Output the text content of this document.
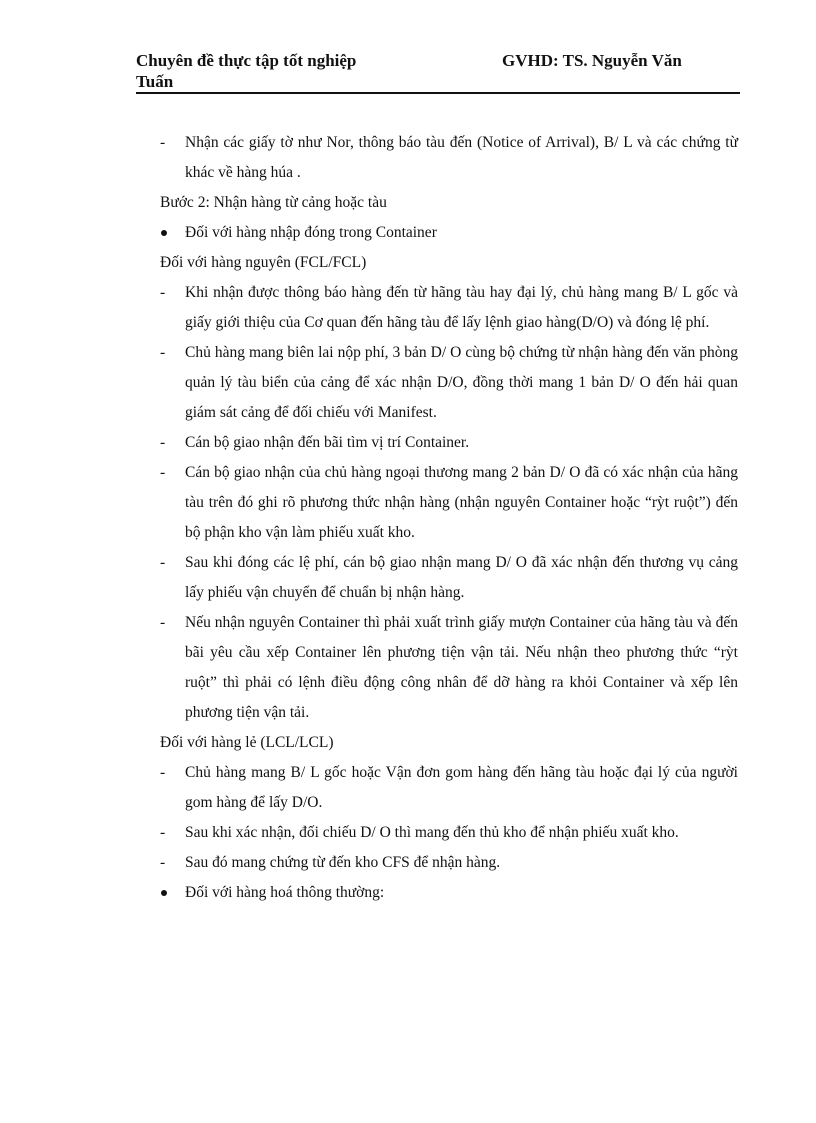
Chuyên đề thực tập tốt nghiệp	GVHD: TS. Nguyễn Văn
Tuấn
-	Nhận các giấy tờ như Nor, thông báo tàu đến (Notice of Arrival), B/ L và các chứng từ khác về hàng húa .

Bước 2: Nhận hàng từ cảng hoặc tàu

Đối với hàng nhập đóng trong Container

Đối với hàng nguyên (FCL/FCL)

-	Khi nhận được thông báo hàng đến từ hãng tàu hay đại lý, chủ hàng mang B/ L gốc và giấy giới thiệu của Cơ quan đến hãng tàu để lấy lệnh giao hàng(D/O) và đóng lệ phí.
-	Chủ hàng mang biên lai nộp phí, 3 bản D/ O cùng bộ chứng từ nhận hàng đến văn phòng quản lý tàu biển của cảng để xác nhận D/O, đồng thời mang 1 bản D/ O đến hải quan giám sát cảng để đối chiếu với Manifest.
-	Cán bộ giao nhận đến bãi tìm vị trí Container.
-	Cán bộ giao nhận của chủ hàng ngoại thương mang 2 bản D/ O đã có xác nhận của hãng tàu trên đó ghi rõ phương thức nhận hàng (nhận nguyên Container hoặc “rỳt ruột”) đến bộ phận kho vận làm phiếu xuất kho.
-	Sau khi đóng các lệ phí, cán bộ giao nhận mang D/ O đã xác nhận đến thương vụ cảng lấy phiếu vận chuyển để chuẩn bị nhận hàng.
-	Nếu nhận nguyên Container thì phải xuất trình giấy mượn Container của hãng tàu và đến bãi yêu cầu xếp Container lên phương tiện vận tải. Nếu nhận theo phương thức “rỳt ruột” thì phải có lệnh điều động công nhân để dỡ hàng ra khỏi Container và xếp lên phương tiện vận tải.

Đối với hàng lẻ (LCL/LCL)

-	Chủ hàng mang B/ L gốc hoặc Vận đơn gom hàng đến hãng tàu hoặc đại lý của người gom hàng để lấy D/O.
-	Sau khi xác nhận, đối chiếu D/ O thì mang đến thủ kho để nhận phiếu xuất kho.
-	Sau đó mang chứng từ đến kho CFS để nhận hàng.
Đối với hàng hoá thông thường:
